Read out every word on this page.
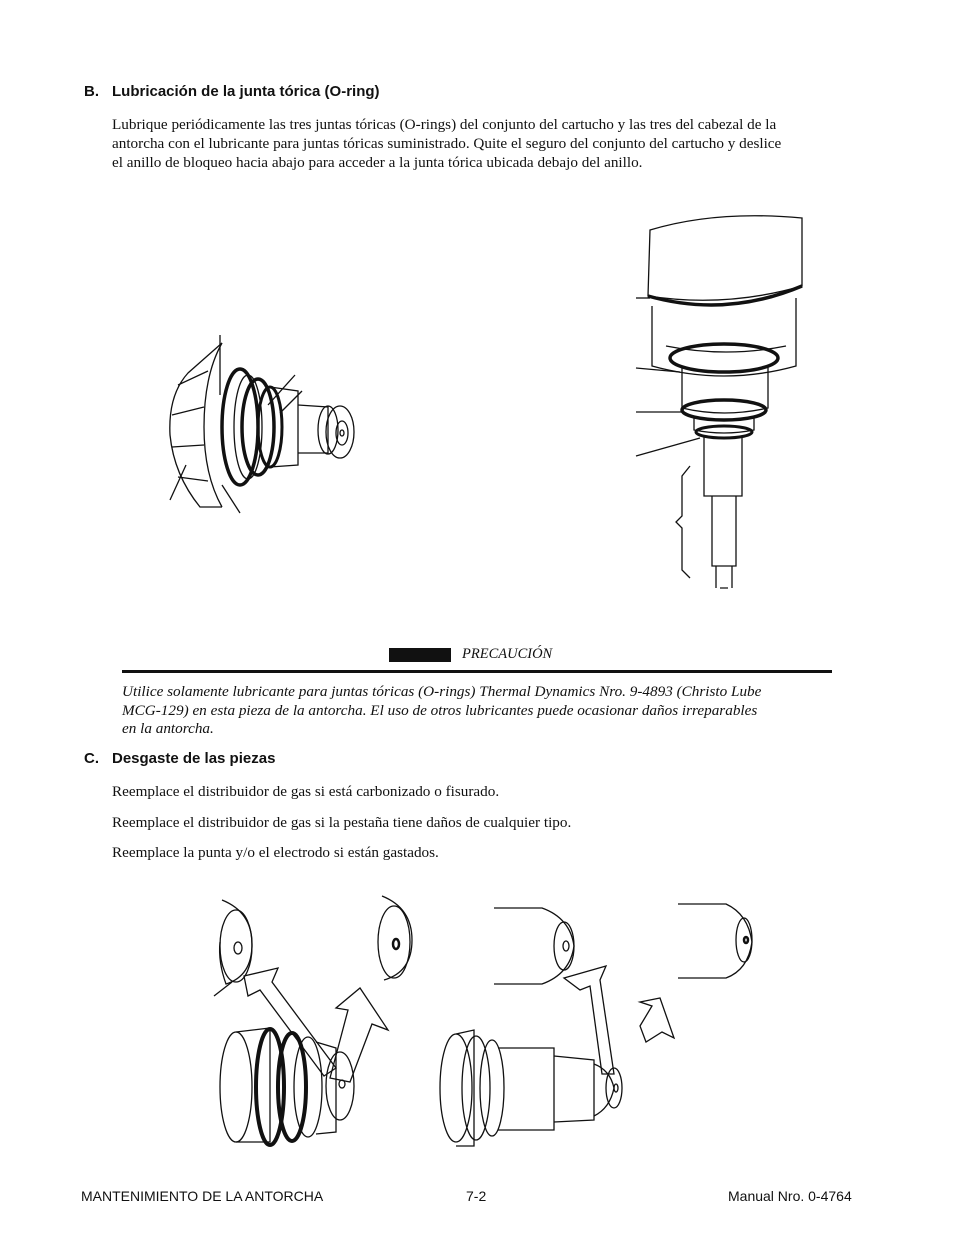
B. Lubricación de la junta tórica (O-ring)
Lubrique periódicamente las tres juntas tóricas (O-rings) del conjunto del cartucho y las tres del cabezal de la
antorcha con el lubricante para juntas tóricas suministrado. Quite el seguro del conjunto del cartucho y deslice
el anillo de bloqueo hacia abajo para acceder a la junta tórica ubicada debajo del anillo.
PRECAUCIÓN
Utilice solamente lubricante para juntas tóricas (O-rings) Thermal Dynamics Nro. 9-4893 (Christo Lube
MCG-129) en esta pieza de la antorcha. El uso de otros lubricantes puede ocasionar daños irreparables
en la antorcha.
C. Desgaste de las piezas
Reemplace el distribuidor de gas si está carbonizado o fisurado.
Reemplace el distribuidor de gas si la pestaña tiene daños de cualquier tipo.
Reemplace la punta y/o el electrodo si están gastados.
MANTENIMIENTO DE LA ANTORCHA	7-2	Manual Nro. 0-4764
